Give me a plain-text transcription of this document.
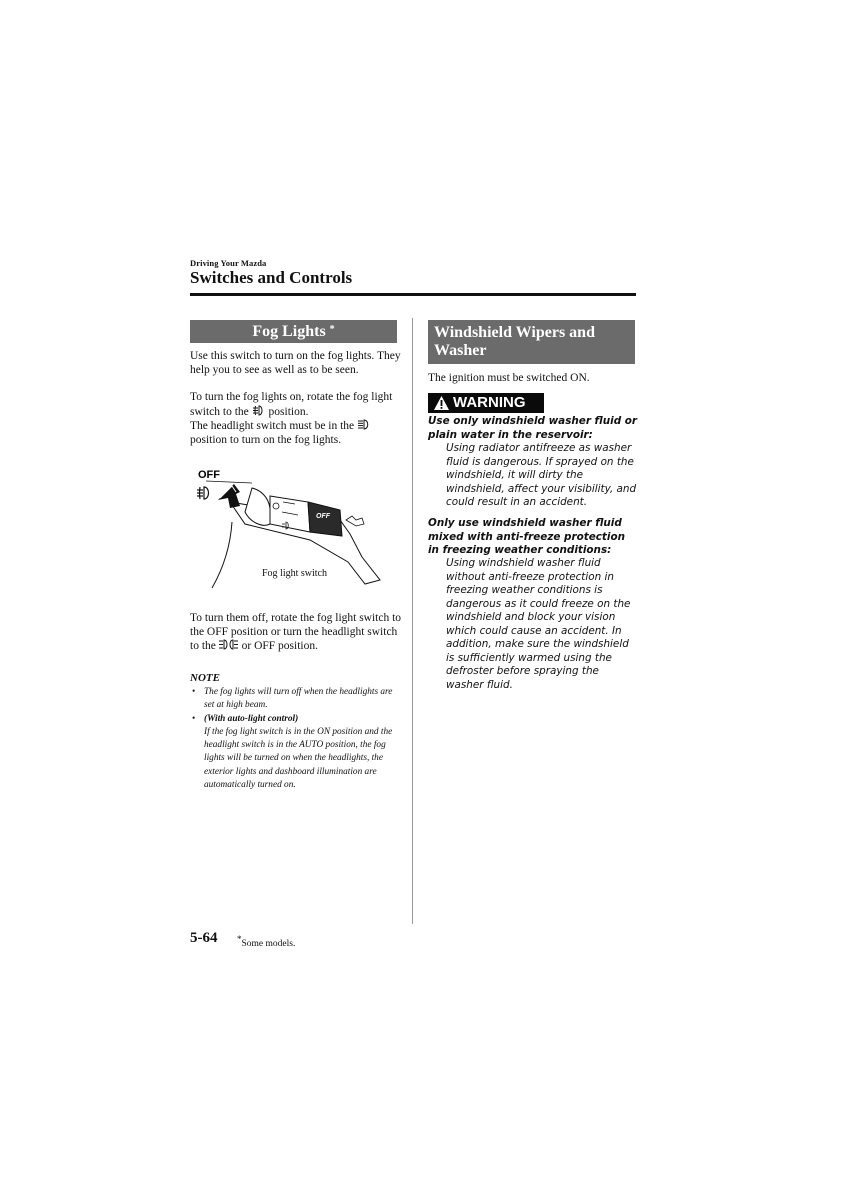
Driving Your Mazda
Switches and Controls
Fog Lights *
Use this switch to turn on the fog lights. They help you to see as well as to be seen.
To turn the fog lights on, rotate the fog light switch to the position.
The headlight switch must be in the
position to turn on the fog lights.
OFF
OFF
Fog light switch
To turn them off, rotate the fog light switch to the OFF position or turn the headlight switch to the or OFF position.
NOTE
• The fog lights will turn off when the headlights are set at high beam.
• (With auto-light control)
If the fog light switch is in the ON position and the headlight switch is in the AUTO position, the fog lights will be turned on when the headlights, the exterior lights and dashboard illumination are automatically turned on.
Windshield Wipers and
Washer
The ignition must be switched ON.
WARNING
Use only windshield washer fluid or plain water in the reservoir:
Using radiator antifreeze as washer fluid is dangerous. If sprayed on the windshield, it will dirty the windshield, affect your visibility, and could result in an accident.
Only use windshield washer fluid mixed with anti-freeze protection in freezing weather conditions:
Using windshield washer fluid without anti-freeze protection in freezing weather conditions is dangerous as it could freeze on the windshield and block your vision which could cause an accident. In addition, make sure the windshield is sufficiently warmed using the defroster before spraying the washer fluid.
5-64 *Some models.
